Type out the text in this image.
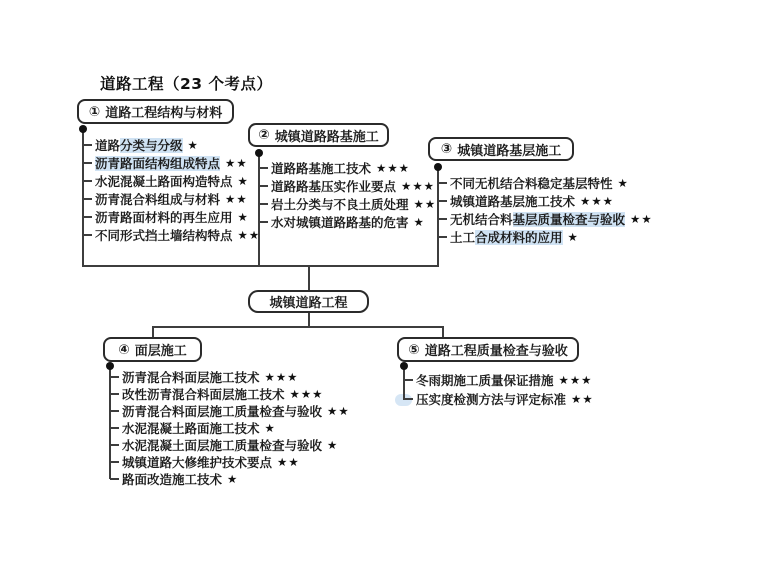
道路工程（23 个考点）
① 道路工程结构与材料
② 城镇道路路基施工
③ 城镇道路基层施工
城镇道路工程
④ 面层施工	⑤ 道路工程质量检查与验收
道路分类与分级 ★
沥青路面结构组成特点 ★★
水泥混凝土路面构造特点 ★
沥青混合料组成与材料 ★★
沥青路面材料的再生应用 ★
不同形式挡土墙结构特点 ★★
道路路基施工技术 ★★★
道路路基压实作业要点 ★★★
岩土分类与不良土质处理 ★★
水对城镇道路路基的危害 ★
不同无机结合料稳定基层特性 ★
城镇道路基层施工技术 ★★★
无机结合料基层质量检查与验收 ★★
土工合成材料的应用 ★
沥青混合料面层施工技术 ★★★
改性沥青混合料面层施工技术 ★★★
沥青混合料面层施工质量检查与验收 ★★
水泥混凝土路面施工技术 ★
水泥混凝土面层施工质量检查与验收 ★
城镇道路大修维护技术要点 ★★
路面改造施工技术 ★
冬雨期施工质量保证措施 ★★★
压实度检测方法与评定标准 ★★
